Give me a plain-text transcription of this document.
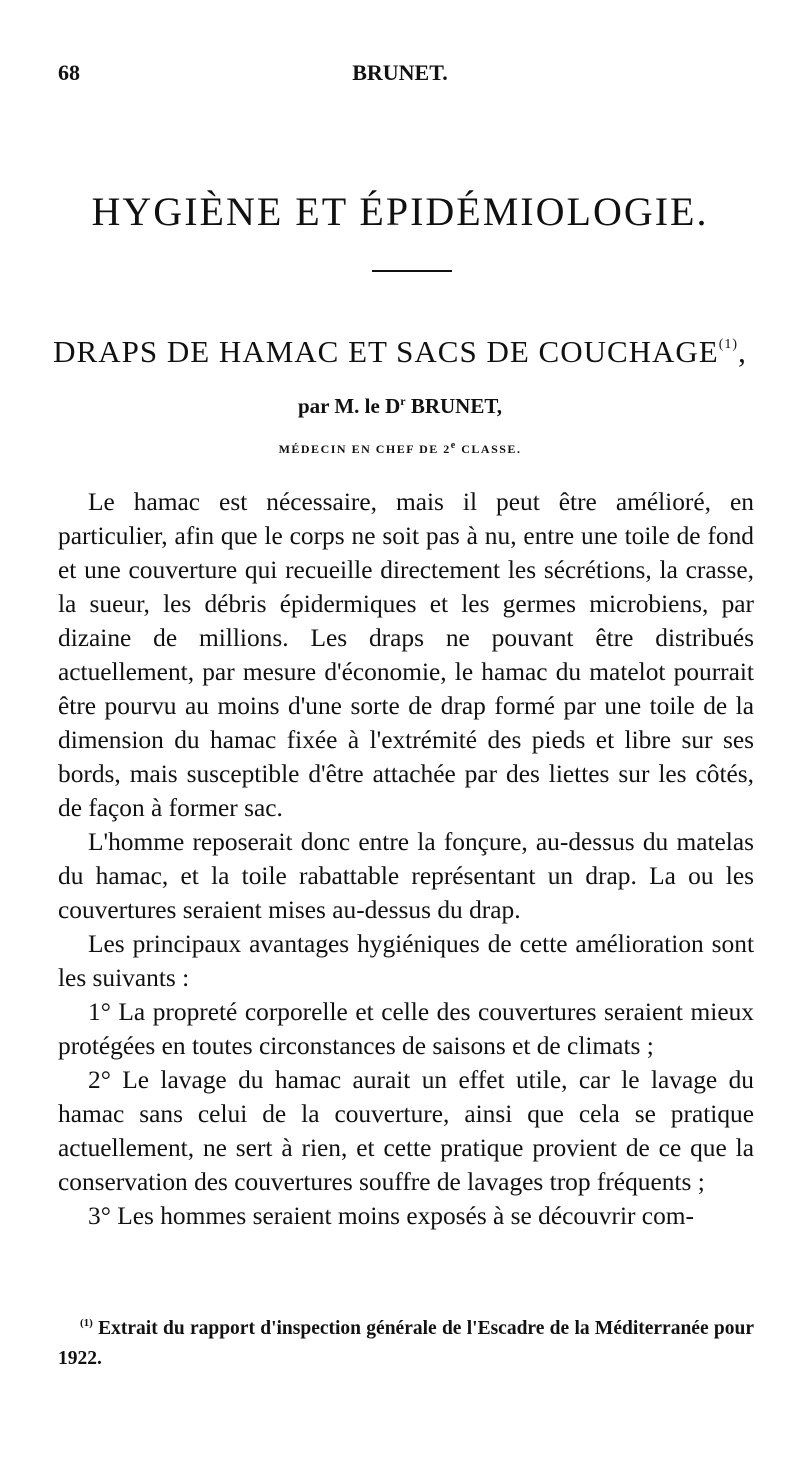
68	BRUNET.
HYGIÈNE ET ÉPIDÉMIOLOGIE.
DRAPS DE HAMAC ET SACS DE COUCHAGE$^{(1)}$,
par M. le $D^r$ BRUNET,
MÉDECIN EN CHEF DE 2e CLASSE.

Le hamac est nécessaire, mais il peut être amélioré, en particulier, afin que le corps ne soit pas à nu, entre une toile de fond et une couverture qui recueille directement les sécrétions, la crasse, la sueur, les débris épidermiques et les germes microbiens, par dizaine de millions. Les draps ne pouvant être distribués actuellement, par mesure d'économie, le hamac du matelot pourrait être pourvu au moins d'une sorte de drap formé par une toile de la dimension du hamac fixée à l'extrémité des pieds et libre sur ses bords, mais susceptible d'être attachée par des liettes sur les côtés, de façon à former sac.

L'homme reposerait donc entre la fonçure, au-dessus du matelas du hamac, et la toile rabattable représentant un drap. La ou les couvertures seraient mises au-dessus du drap.

Les principaux avantages hygiéniques de cette amélioration sont les suivants :

1° La propreté corporelle et celle des couvertures seraient mieux protégées en toutes circonstances de saisons et de climats ;

2° Le lavage du hamac aurait un effet utile, car le lavage du hamac sans celui de la couverture, ainsi que cela se pratique actuellement, ne sert à rien, et cette pratique provient de ce que la conservation des couvertures souffre de lavages trop fréquents ;

3° Les hommes seraient moins exposés à se découvrir com-

$^{(1)}$ Extrait du rapport d'inspection générale de l'Escadre de la Méditerranée pour 1922.
